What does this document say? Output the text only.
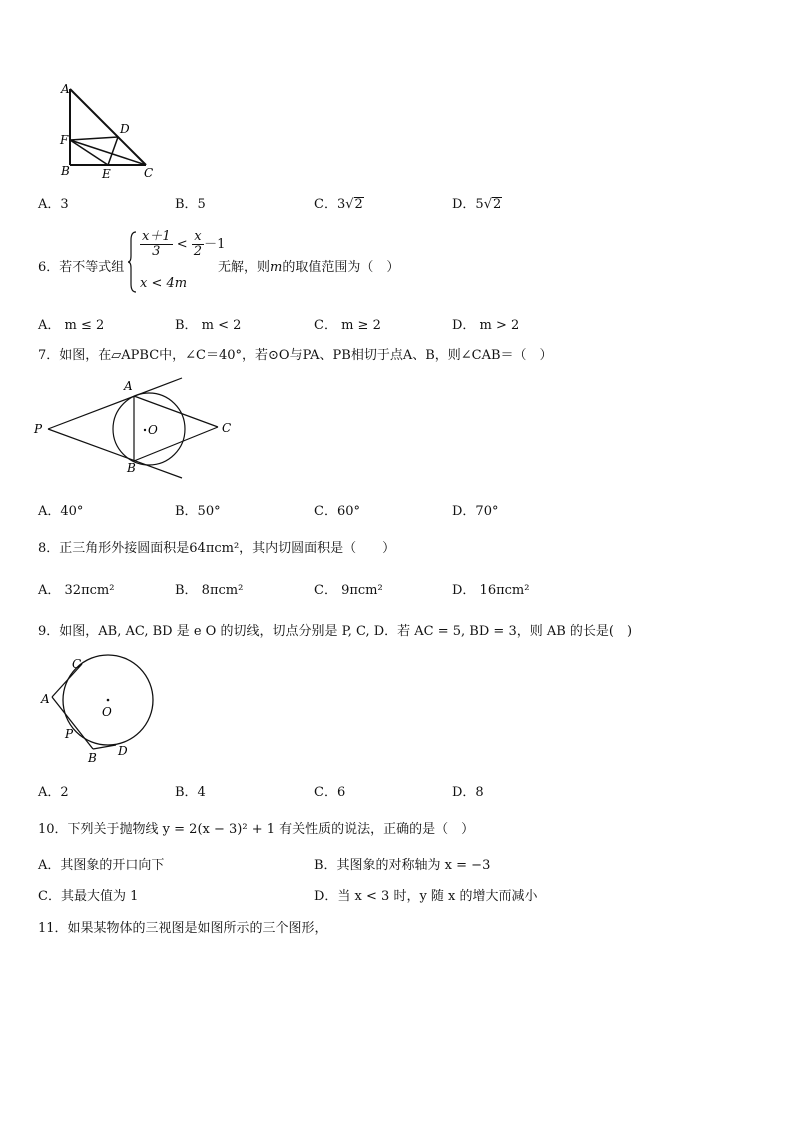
A
F
D
B	E	C
A．3	B．5	C．3√2	D．5√2
6．若不等式组
$\frac{x+1}{3} < \frac{x}{2} -1$
x < 4m
无解，则m的取值范围为（　）
A． m ≤ 2	B． m < 2	C． m ≥ 2	D． m > 2
7．如图，在▱APBC中，∠C＝40°，若⊙O与PA、PB相切于点A、B，则∠CAB＝（　）
P
A
B
C
O
A．40°	B．50°	C．60°	D．70°
8．正三角形外接圆面积是64πcm²，其内切圆面积是（　　）
A． 32πcm²	B． 8πcm²	C． 9πcm²	D． 16πcm²
9．如图，AB, AC, BD 是 e O 的切线，切点分别是 P, C, D．若 AC = 5, BD = 3，则 AB 的长是(　)
C
A
O
P
B D
A．2	B．4	C．6	D．8
10．下列关于抛物线 y = 2(x − 3)² + 1 有关性质的说法，正确的是（　）
A．其图象的开口向下	B．其图象的对称轴为 x = −3
C．其最大值为 1	D．当 x < 3 时，y 随 x 的增大而减小
11．如果某物体的三视图是如图所示的三个图形，
